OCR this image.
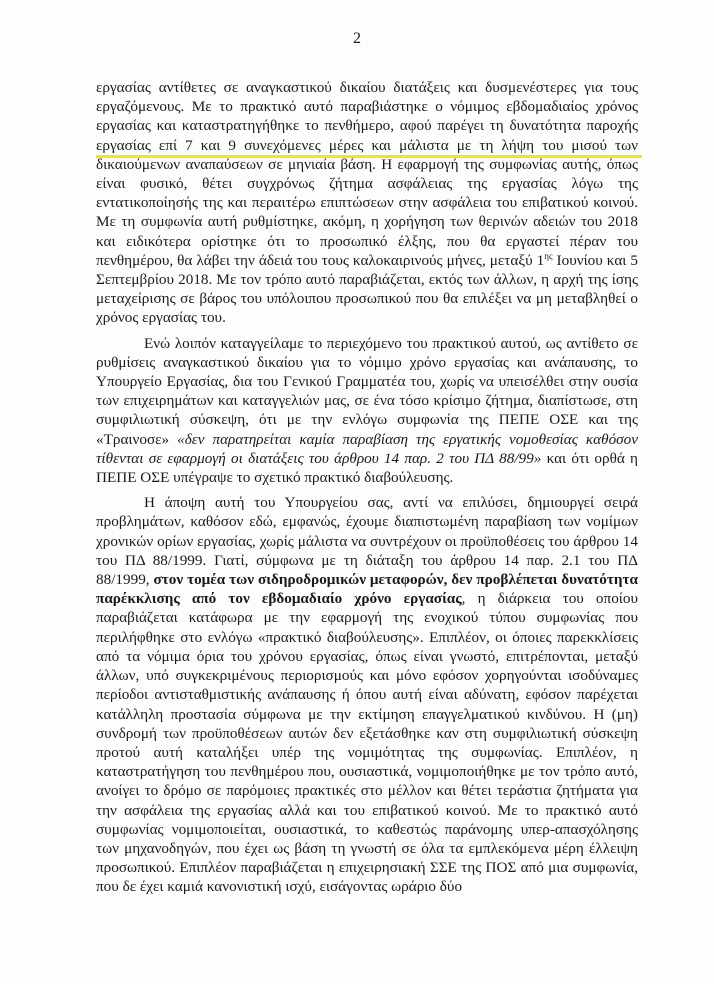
2

εργασίας αντίθετες σε αναγκαστικού δικαίου διατάξεις και δυσμενέστερες για τους εργαζόμενους. Με το πρακτικό αυτό παραβιάστηκε ο νόμιμος εβδομαδιαίος χρόνος εργασίας και καταστρατηγήθηκε το πενθήμερο, αφού παρέγει τη δυνατότητα παροχής εργασίας επί 7 και 9 συνεχόμενες μέρες και μάλιστα με τη λήψη του μισού των δικαιούμενων αναπαύσεων σε μηνιαία βάση. Η εφαρμογή της συμφωνίας αυτής, όπως είναι φυσικό, θέτει συγχρόνως ζήτημα ασφάλειας της εργασίας λόγω της εντατικοποίησής της και περαιτέρω επιπτώσεων στην ασφάλεια του επιβατικού κοινού. Με τη συμφωνία αυτή ρυθμίστηκε, ακόμη, η χορήγηση των θερινών αδειών του 2018 και ειδικότερα ορίστηκε ότι το προσωπικό έλξης, που θα εργαστεί πέραν του πενθημέρου, θα λάβει την άδειά του τους καλοκαιρινούς μήνες, μεταξύ $1^{\eta\varsigma}$ Ιουνίου και 5 Σεπτεμβρίου 2018. Με τον τρόπο αυτό παραβιάζεται, εκτός των άλλων, η αρχή της ίσης μεταχείρισης σε βάρος του υπόλοιπου προσωπικού που θα επιλέξει να μη μεταβληθεί ο χρόνος εργασίας του.

Ενώ λοιπόν καταγγείλαμε το περιεχόμενο του πρακτικού αυτού, ως αντίθετο σε ρυθμίσεις αναγκαστικού δικαίου για το νόμιμο χρόνο εργασίας και ανάπαυσης, το Υπουργείο Εργασίας, δια του Γενικού Γραμματέα του, χωρίς να υπεισέλθει στην ουσία των επιχειρημάτων και καταγγελιών μας, σε ένα τόσο κρίσιμο ζήτημα, διαπίστωσε, στη συμφιλιωτική σύσκεψη, ότι με την ενλόγω συμφωνία της ΠΕΠΕ ΟΣΕ και της «Τραινοσε» «δεν παρατηρείται καμία παραβίαση της εργατικής νομοθεσίας καθόσον τίθενται σε εφαρμογή οι διατάξεις του άρθρου 14 παρ. 2 του ΠΔ 88/99» και ότι ορθά η ΠΕΠΕ ΟΣΕ υπέγραψε το σχετικό πρακτικό διαβούλευσης.

Η άποψη αυτή του Υπουργείου σας, αντί να επιλύσει, δημιουργεί σειρά προβλημάτων, καθόσον εδώ, εμφανώς, έχουμε διαπιστωμένη παραβίαση των νομίμων χρονικών ορίων εργασίας, χωρίς μάλιστα να συντρέχουν οι προϋποθέσεις του άρθρου 14 του ΠΔ 88/1999. Γιατί, σύμφωνα με τη διάταξη του άρθρου 14 παρ. 2.1 του ΠΔ 88/1999, στον τομέα των σιδηροδρομικών μεταφορών, δεν προβλέπεται δυνατότητα παρέκκλισης από τον εβδομαδιαίο χρόνο εργασίας, η διάρκεια του οποίου παραβιάζεται κατάφωρα με την εφαρμογή της ενοχικού τύπου συμφωνίας που περιλήφθηκε στο ενλόγω «πρακτικό διαβούλευσης». Επιπλέον, οι όποιες παρεκκλίσεις από τα νόμιμα όρια του χρόνου εργασίας, όπως είναι γνωστό, επιτρέπονται, μεταξύ άλλων, υπό συγκεκριμένους περιορισμούς και μόνο εφόσον χορηγούνται ισοδύναμες περίοδοι αντισταθμιστικής ανάπαυσης ή όπου αυτή είναι αδύνατη, εφόσον παρέχεται κατάλληλη προστασία σύμφωνα με την εκτίμηση επαγγελματικού κινδύνου. Η (μη) συνδρομή των προϋποθέσεων αυτών δεν εξετάσθηκε καν στη συμφιλιωτική σύσκεψη προτού αυτή καταλήξει υπέρ της νομιμότητας της συμφωνίας. Επιπλέον, η καταστρατήγηση του πενθημέρου που, ουσιαστικά, νομιμοποιήθηκε με τον τρόπο αυτό, ανοίγει το δρόμο σε παρόμοιες πρακτικές στο μέλλον και θέτει τεράστια ζητήματα για την ασφάλεια της εργασίας αλλά και του επιβατικού κοινού. Με το πρακτικό αυτό συμφωνίας νομιμοποιείται, ουσιαστικά, το καθεστώς παράνομης υπερ-απασχόλησης των μηχανοδηγών, που έχει ως βάση τη γνωστή σε όλα τα εμπλεκόμενα μέρη έλλειψη προσωπικού. Επιπλέον παραβιάζεται η επιχειρησιακή ΣΣΕ της ΠΟΣ από μια συμφωνία, που δε έχει καμιά κανονιστική ισχύ, εισάγοντας ωράριο δύο
